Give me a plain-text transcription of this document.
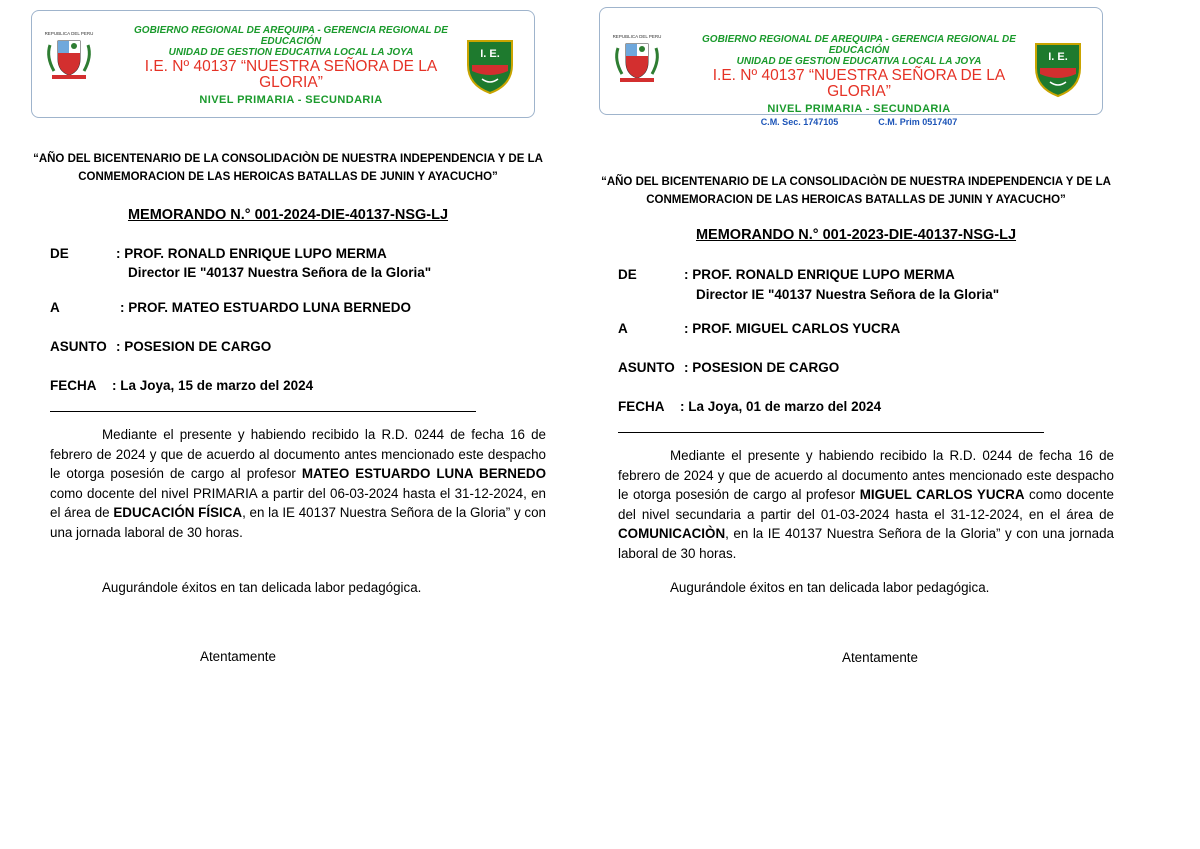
REPUBLICA DEL PERU	GOBIERNO REGIONAL DE AREQUIPA - GERENCIA REGIONAL DE
EDUCACIÓN
UNIDAD DE GESTION EDUCATIVA LOCAL LA JOYA
I.E. Nº 40137 “NUESTRA SEÑORA DE LA GLORIA”
NIVEL PRIMARIA - SECUNDARIA
I. E.
“AÑO DEL BICENTENARIO DE LA CONSOLIDACIÒN DE NUESTRA INDEPENDENCIA Y DE LA CONMEMORACION DE LAS HEROICAS BATALLAS DE JUNIN Y AYACUCHO”
MEMORANDO N.° 001-2024-DIE-40137-NSG-LJ
DE	: PROF. RONALD ENRIQUE LUPO MERMA
Director IE "40137 Nuestra Señora de la Gloria"
A	: PROF. MATEO ESTUARDO LUNA BERNEDO
ASUNTO : POSESION DE CARGO
FECHA : La Joya, 15 de marzo del 2024
Mediante el presente y habiendo recibido la R.D. 0244 de fecha 16 de febrero de 2024 y que de acuerdo al documento antes mencionado este despacho le otorga posesión de cargo al profesor MATEO ESTUARDO LUNA BERNEDO como docente del nivel PRIMARIA a partir del 06-03-2024 hasta el 31-12-2024, en el área de EDUCACIÓN FÍSICA, en la IE 40137 Nuestra Señora de la Gloria” y con una jornada laboral de 30 horas.
Augurándole éxitos en tan delicada labor pedagógica.
Atentamente
REPUBLICA DEL PERU	GOBIERNO REGIONAL DE AREQUIPA - GERENCIA REGIONAL DE EDUCACIÓN
UNIDAD DE GESTION EDUCATIVA LOCAL LA JOYA
I.E. Nº 40137 “NUESTRA SEÑORA DE LA GLORIA”
NIVEL PRIMARIA - SECUNDARIA
C.M. Sec. 1747105                C.M. Prim 0517407
I. E.
“AÑO DEL BICENTENARIO DE LA CONSOLIDACIÒN DE NUESTRA INDEPENDENCIA Y DE LA CONMEMORACION DE LAS HEROICAS BATALLAS DE JUNIN Y AYACUCHO”
MEMORANDO N.° 001-2023-DIE-40137-NSG-LJ
DE	: PROF. RONALD ENRIQUE LUPO MERMA
Director IE "40137 Nuestra Señora de la Gloria"
A	: PROF. MIGUEL CARLOS YUCRA
ASUNTO : POSESION DE CARGO
FECHA : La Joya, 01 de marzo del 2024
Mediante el presente y habiendo recibido la R.D. 0244 de fecha 16 de febrero de 2024 y que de acuerdo al documento antes mencionado este despacho le otorga posesión de cargo al profesor MIGUEL CARLOS YUCRA como docente del nivel secundaria a partir del 01-03-2024 hasta el 31-12-2024, en el área de COMUNICACIÒN, en la IE 40137 Nuestra Señora de la Gloria” y con una jornada laboral de 30 horas.
Augurándole éxitos en tan delicada labor pedagógica.
Atentamente
